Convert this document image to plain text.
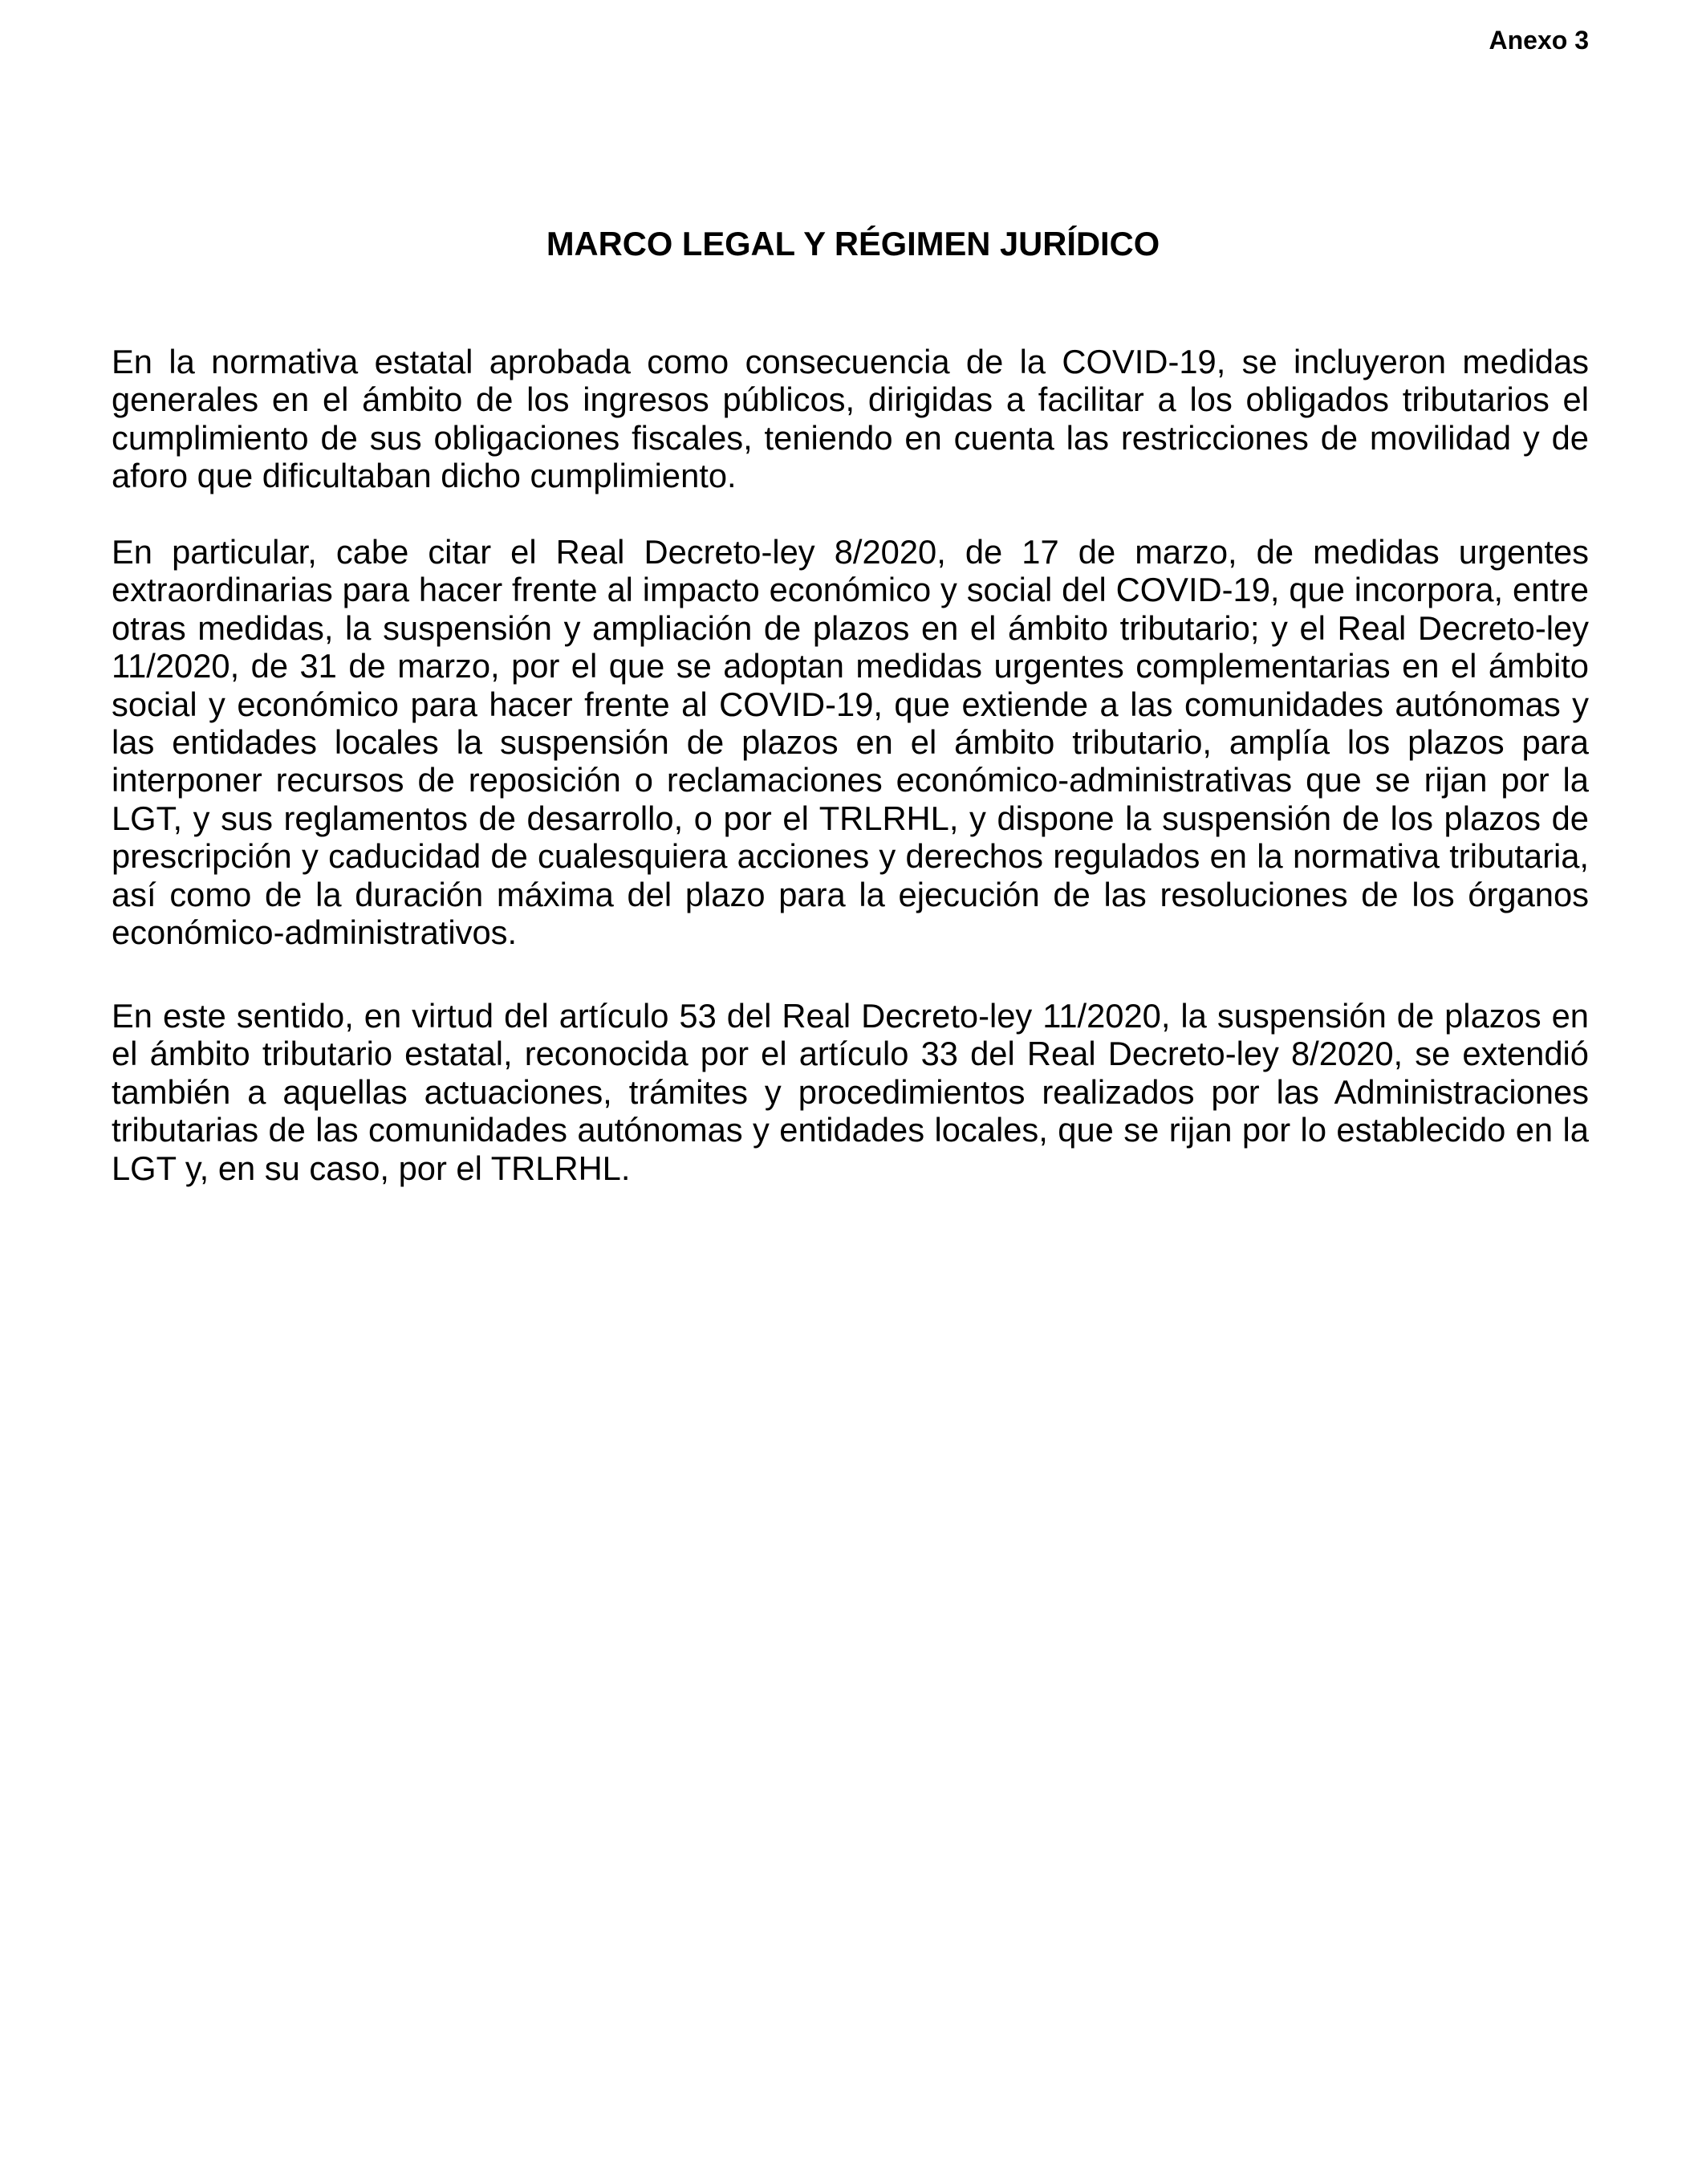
Anexo 3
MARCO LEGAL Y RÉGIMEN JURÍDICO
En la normativa estatal aprobada como consecuencia de la COVID-19, se incluyeron medidas
generales en el ámbito de los ingresos públicos, dirigidas a facilitar a los obligados tributarios el
cumplimiento de sus obligaciones fiscales, teniendo en cuenta las restricciones de movilidad y de
aforo que dificultaban dicho cumplimiento.
En particular, cabe citar el Real Decreto-ley 8/2020, de 17 de marzo, de medidas urgentes
extraordinarias para hacer frente al impacto económico y social del COVID-19, que incorpora, entre
otras medidas, la suspensión y ampliación de plazos en el ámbito tributario; y el Real Decreto-ley
11/2020, de 31 de marzo, por el que se adoptan medidas urgentes complementarias en el ámbito
social y económico para hacer frente al COVID-19, que extiende a las comunidades autónomas y
las entidades locales la suspensión de plazos en el ámbito tributario, amplía los plazos para
interponer recursos de reposición o reclamaciones económico-administrativas que se rijan por la
LGT, y sus reglamentos de desarrollo, o por el TRLRHL, y dispone la suspensión de los plazos de
prescripción y caducidad de cualesquiera acciones y derechos regulados en la normativa tributaria,
así como de la duración máxima del plazo para la ejecución de las resoluciones de los órganos
económico-administrativos.
En este sentido, en virtud del artículo 53 del Real Decreto-ley 11/2020, la suspensión de plazos en
el ámbito tributario estatal, reconocida por el artículo 33 del Real Decreto-ley 8/2020, se extendió
también a aquellas actuaciones, trámites y procedimientos realizados por las Administraciones
tributarias de las comunidades autónomas y entidades locales, que se rijan por lo establecido en la
LGT y, en su caso, por el TRLRHL.
